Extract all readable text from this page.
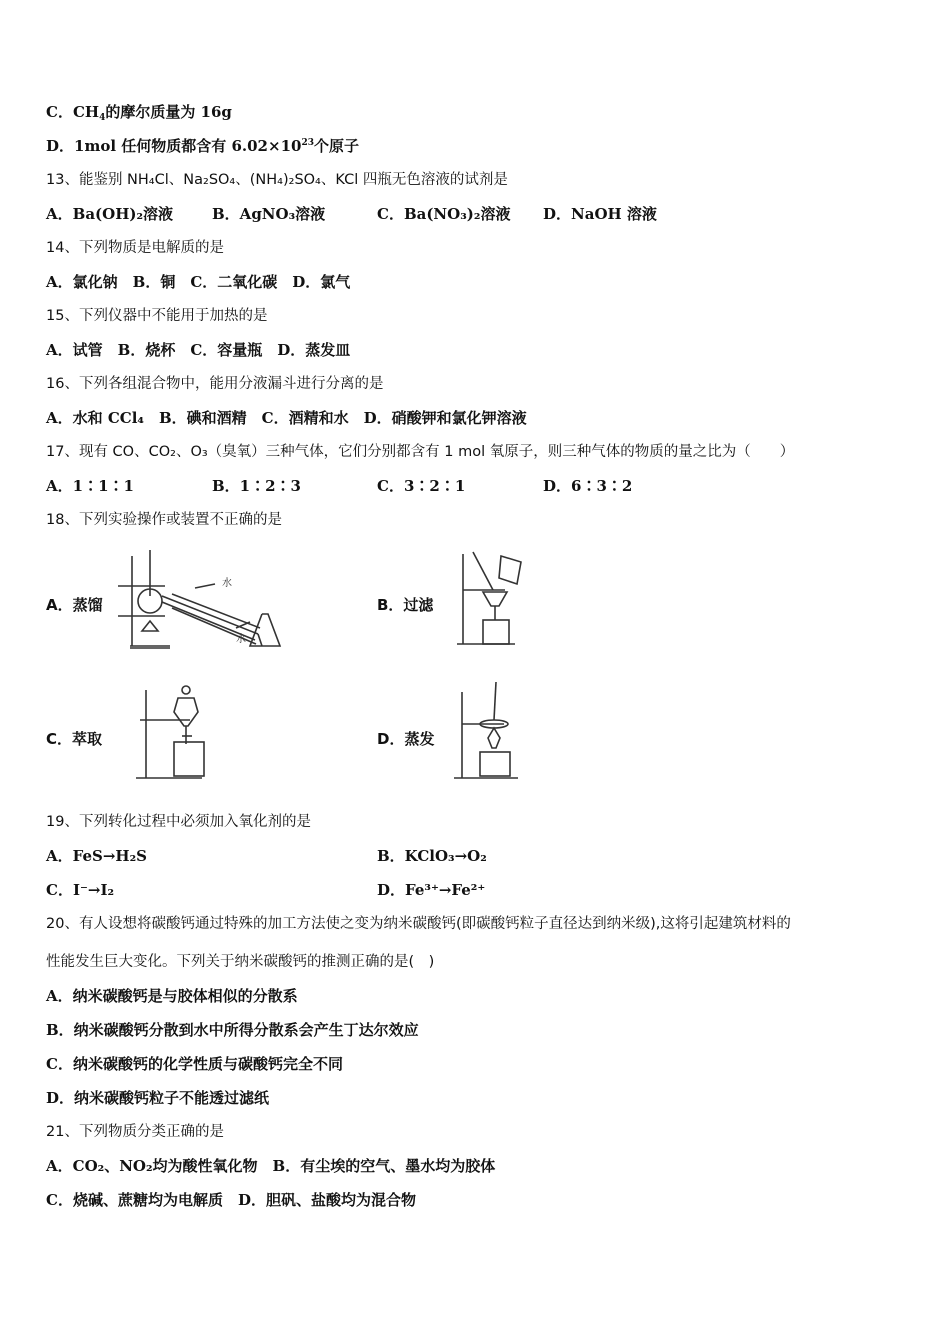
C．$CH_4$的摩尔质量为 16g
D．1mol 任何物质都含有 $6.02\times 10^{23}$个原子
13、能鉴别 NH₄Cl、Na₂SO₄、(NH₄)₂SO₄、KCl 四瓶无色溶液的试剂是
A．Ba(OH)₂溶液	B．AgNO₃溶液	C．Ba(NO₃)₂溶液 D．NaOH 溶液
14、下列物质是电解质的是
A．氯化钠　B．铜　C．二氧化碳　D．氯气
15、下列仪器中不能用于加热的是
A．试管　B．烧杯　C．容量瓶　D．蒸发皿
16、下列各组混合物中，能用分液漏斗进行分离的是
A．水和 CCl₄　B．碘和酒精　C．酒精和水　D．硝酸钾和氯化钾溶液
17、现有 CO、CO₂、O₃（臭氧）三种气体，它们分别都含有 1 mol 氧原子，则三种气体的物质的量之比为（　　）
A．1∶1∶1	B．1∶2∶3	C．3∶2∶1	D．6∶3∶2
18、下列实验操作或装置不正确的是
A．蒸馏
水
水
B．过滤
C．萃取	D．蒸发
19、下列转化过程中必须加入氧化剂的是
A．FeS→H₂S	B．KClO₃→O₂
C．I⁻→I₂	D．Fe³⁺→Fe²⁺
20、有人设想将碳酸钙通过特殊的加工方法使之变为纳米碳酸钙(即碳酸钙粒子直径达到纳米级),这将引起建筑材料的
性能发生巨大变化。下列关于纳米碳酸钙的推测正确的是(　)
A．纳米碳酸钙是与胶体相似的分散系
B．纳米碳酸钙分散到水中所得分散系会产生丁达尔效应
C．纳米碳酸钙的化学性质与碳酸钙完全不同
D．纳米碳酸钙粒子不能透过滤纸
21、下列物质分类正确的是
A．CO₂、NO₂均为酸性氧化物　B．有尘埃的空气、墨水均为胶体
C．烧碱、蔗糖均为电解质　D．胆矾、盐酸均为混合物
